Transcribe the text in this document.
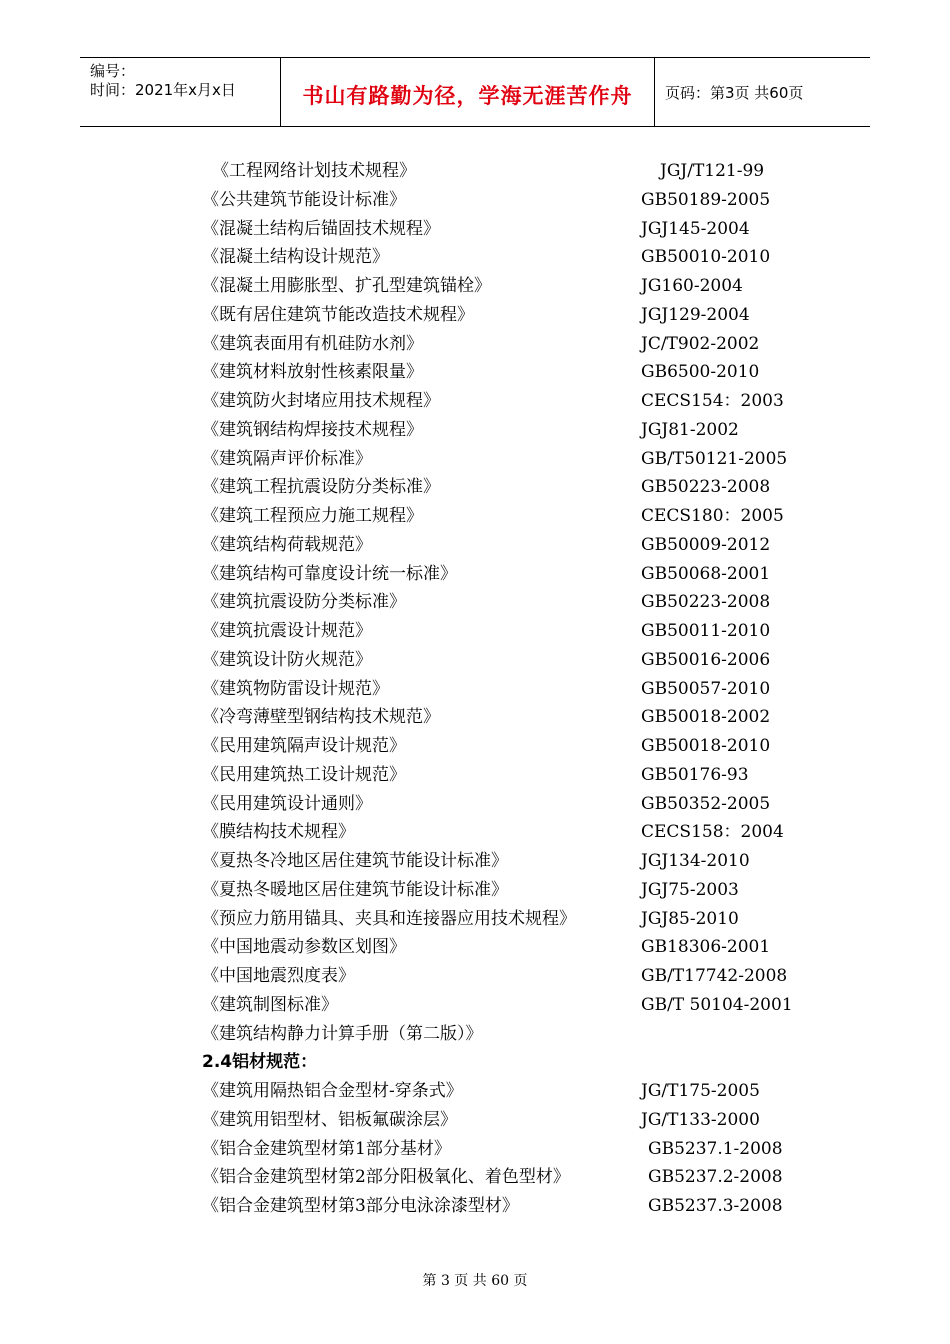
编号：
时间：2021年x月x日	书山有路勤为径，学海无涯苦作舟	页码：第3页 共60页
《工程网络计划技术规程》	JGJ/T121-99
《公共建筑节能设计标准》	GB50189-2005
《混凝土结构后锚固技术规程》	JGJ145-2004
《混凝土结构设计规范》	GB50010-2010
《混凝土用膨胀型、扩孔型建筑锚栓》	JG160-2004
《既有居住建筑节能改造技术规程》	JGJ129-2004
《建筑表面用有机硅防水剂》	JC/T902-2002
《建筑材料放射性核素限量》	GB6500-2010
《建筑防火封堵应用技术规程》	CECS154：2003
《建筑钢结构焊接技术规程》	JGJ81-2002
《建筑隔声评价标准》	GB/T50121-2005
《建筑工程抗震设防分类标准》	GB50223-2008
《建筑工程预应力施工规程》	CECS180：2005
《建筑结构荷载规范》	GB50009-2012
《建筑结构可靠度设计统一标准》	GB50068-2001
《建筑抗震设防分类标准》	GB50223-2008
《建筑抗震设计规范》	GB50011-2010
《建筑设计防火规范》	GB50016-2006
《建筑物防雷设计规范》	GB50057-2010
《冷弯薄壁型钢结构技术规范》	GB50018-2002
《民用建筑隔声设计规范》	GB50018-2010
《民用建筑热工设计规范》	GB50176-93
《民用建筑设计通则》	GB50352-2005
《膜结构技术规程》	CECS158：2004
《夏热冬冷地区居住建筑节能设计标准》	JGJ134-2010
《夏热冬暖地区居住建筑节能设计标准》	JGJ75-2003
《预应力筋用锚具、夹具和连接器应用技术规程》	JGJ85-2010
《中国地震动参数区划图》	GB18306-2001
《中国地震烈度表》	GB/T17742-2008
《建筑制图标准》	GB/T 50104-2001
《建筑结构静力计算手册（第二版）》
2.4铝材规范：
《建筑用隔热铝合金型材-穿条式》	JG/T175-2005
《建筑用铝型材、铝板氟碳涂层》	JG/T133-2000
《铝合金建筑型材第1部分基材》	GB5237.1-2008
《铝合金建筑型材第2部分阳极氧化、着色型材》	GB5237.2-2008
《铝合金建筑型材第3部分电泳涂漆型材》	GB5237.3-2008
第 3 页 共 60 页
